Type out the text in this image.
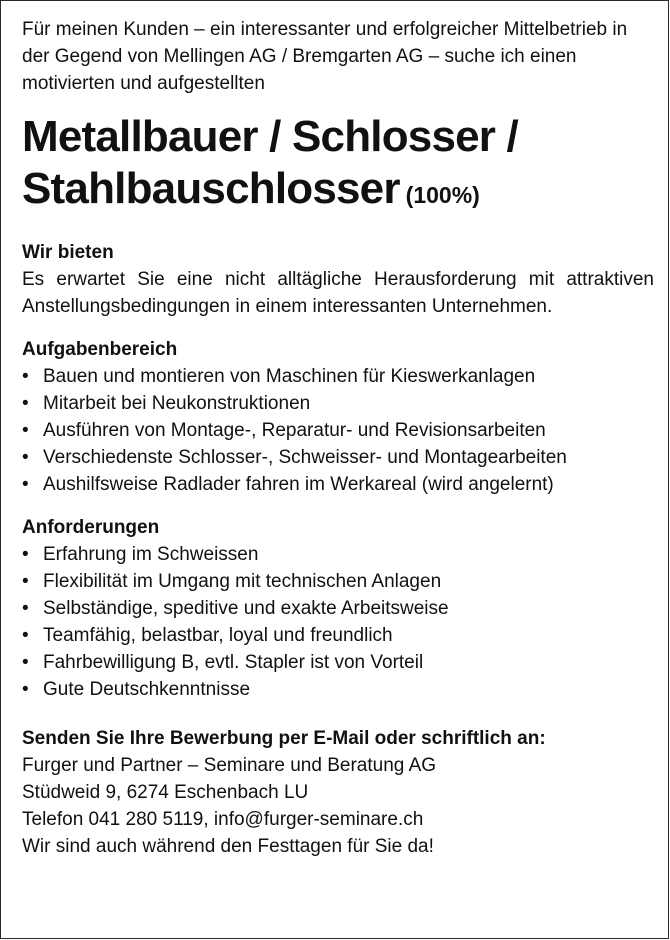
Für meinen Kunden – ein interessanter und erfolgreicher Mittelbetrieb in der Gegend von Mellingen AG / Bremgarten AG – suche ich einen motivierten und aufgestellten

Metallbauer / Schlosser /
Stahlbauschlosser (100%)
Wir bieten

Es erwartet Sie eine nicht alltägliche Herausforderung mit attraktiven Anstellungsbedingungen in einem interessanten Unternehmen.

Aufgabenbereich
• Bauen und montieren von Maschinen für Kieswerkanlagen
• Mitarbeit bei Neukonstruktionen
• Ausführen von Montage-, Reparatur- und Revisionsarbeiten
• Verschiedenste Schlosser-, Schweisser- und Montagearbeiten
• Aushilfsweise Radlader fahren im Werkareal (wird angelernt)
Anforderungen
• Erfahrung im Schweissen
• Flexibilität im Umgang mit technischen Anlagen
• Selbständige, speditive und exakte Arbeitsweise
• Teamfähig, belastbar, loyal und freundlich
• Fahrbewilligung B, evtl. Stapler ist von Vorteil
• Gute Deutschkenntnisse

Senden Sie Ihre Bewerbung per E-Mail oder schriftlich an:

Furger und Partner – Seminare und Beratung AG

Stüdweid 9, 6274 Eschenbach LU

Telefon 041 280 5119, info@furger-seminare.ch

Wir sind auch während den Festtagen für Sie da!
